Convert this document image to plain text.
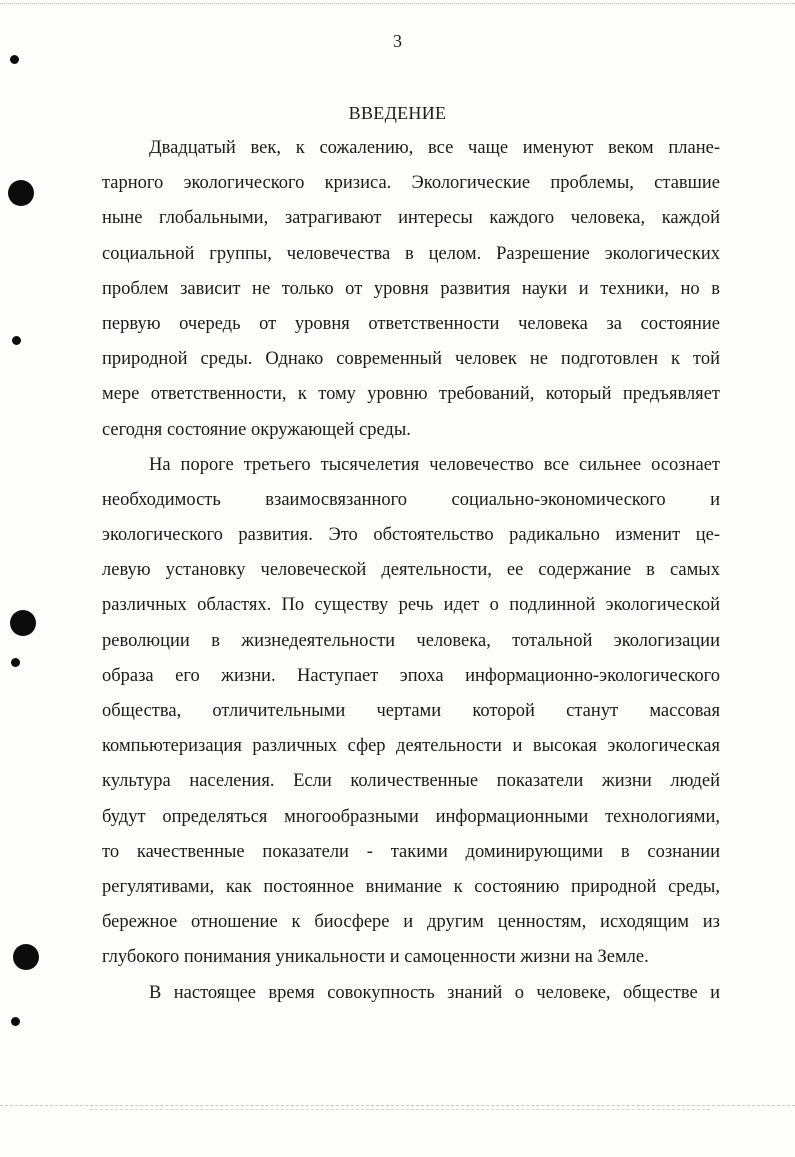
3
ВВЕДЕНИЕ
Двадцатый век, к сожалению, все чаще именуют веком плане-
тарного экологического кризиса. Экологические проблемы, ставшие
ныне глобальными, затрагивают интересы каждого человека, каждой
социальной группы, человечества в целом. Разрешение экологических
проблем зависит не только от уровня развития науки и техники, но в
первую очередь от уровня ответственности человека за состояние
природной среды. Однако современный человек не подготовлен к той
мере ответственности, к тому уровню требований, который предъявляет
сегодня состояние окружающей среды.
На пороге третьего тысячелетия человечество все сильнее осознает
необходимость взаимосвязанного социально-экономического и
экологического развития. Это обстоятельство радикально изменит це-
левую установку человеческой деятельности, ее содержание в самых
различных областях. По существу речь идет о подлинной экологической
революции в жизнедеятельности человека, тотальной экологизации
образа его жизни. Наступает эпоха информационно-экологического
общества, отличительными чертами которой станут массовая
компьютеризация различных сфер деятельности и высокая экологическая
культура населения. Если количественные показатели жизни людей
будут определяться многообразными информационными технологиями,
то качественные показатели - такими доминирующими в сознании
регулятивами, как постоянное внимание к состоянию природной среды,
бережное отношение к биосфере и другим ценностям, исходящим из
глубокого понимания уникальности и самоценности жизни на Земле.
В настоящее время совокупность знаний о человеке, обществе и
